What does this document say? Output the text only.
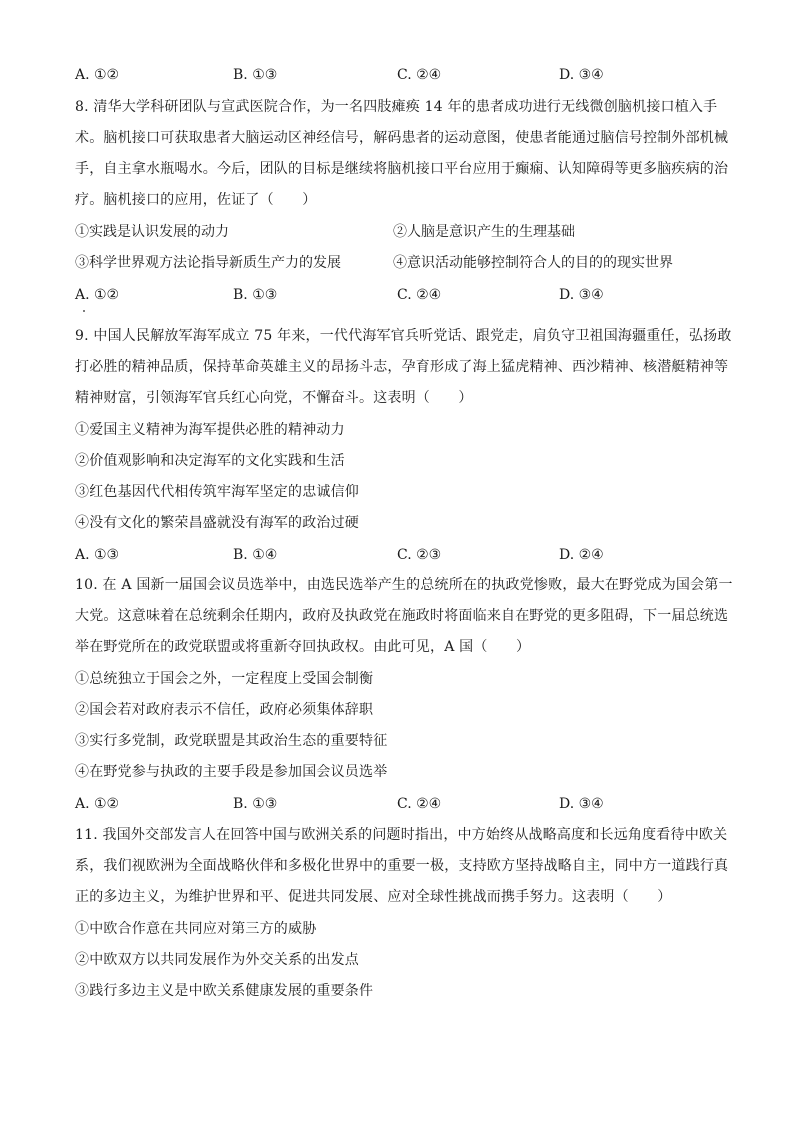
A. ①②	B. ①③	C. ②④	D. ③④
8. 清华大学科研团队与宣武医院合作，为一名四肢瘫痪 14 年的患者成功进行无线微创脑机接口植入手
术。脑机接口可获取患者大脑运动区神经信号，解码患者的运动意图，使患者能通过脑信号控制外部机械
手，自主拿水瓶喝水。今后，团队的目标是继续将脑机接口平台应用于癫痫、认知障碍等更多脑疾病的治
疗。脑机接口的应用，佐证了（　　）
①实践是认识发展的动力	②人脑是意识产生的生理基础
③科学世界观方法论指导新质生产力的发展	④意识活动能够控制符合人的目的的现实世界
A. ①②	B. ①③	C. ②④	D. ③④
9. 中国人民解放军海军成立 75 年来，一代代海军官兵听党话、跟党走，肩负守卫祖国海疆重任，弘扬敢
打必胜的精神品质，保持革命英雄主义的昂扬斗志，孕育形成了海上猛虎精神、西沙精神、核潜艇精神等
精神财富，引领海军官兵红心向党，不懈奋斗。这表明（　　）
①爱国主义精神为海军提供必胜的精神动力
②价值观影响和决定海军的文化实践和生活
③红色基因代代相传筑牢海军坚定的忠诚信仰
④没有文化的繁荣昌盛就没有海军的政治过硬
A. ①③	B. ①④	C. ②③	D. ②④
10. 在 A 国新一届国会议员选举中，由选民选举产生的总统所在的执政党惨败，最大在野党成为国会第一
大党。这意味着在总统剩余任期内，政府及执政党在施政时将面临来自在野党的更多阻碍，下一届总统选
举在野党所在的政党联盟或将重新夺回执政权。由此可见，A 国（　　）
①总统独立于国会之外，一定程度上受国会制衡
②国会若对政府表示不信任，政府必须集体辞职
③实行多党制，政党联盟是其政治生态的重要特征
④在野党参与执政的主要手段是参加国会议员选举
A. ①②	B. ①③	C. ②④	D. ③④
11. 我国外交部发言人在回答中国与欧洲关系的问题时指出，中方始终从战略高度和长远角度看待中欧关
系，我们视欧洲为全面战略伙伴和多极化世界中的重要一极，支持欧方坚持战略自主，同中方一道践行真
正的多边主义，为维护世界和平、促进共同发展、应对全球性挑战而携手努力。这表明（　　）
①中欧合作意在共同应对第三方的威胁
②中欧双方以共同发展作为外交关系的出发点
③践行多边主义是中欧关系健康发展的重要条件
